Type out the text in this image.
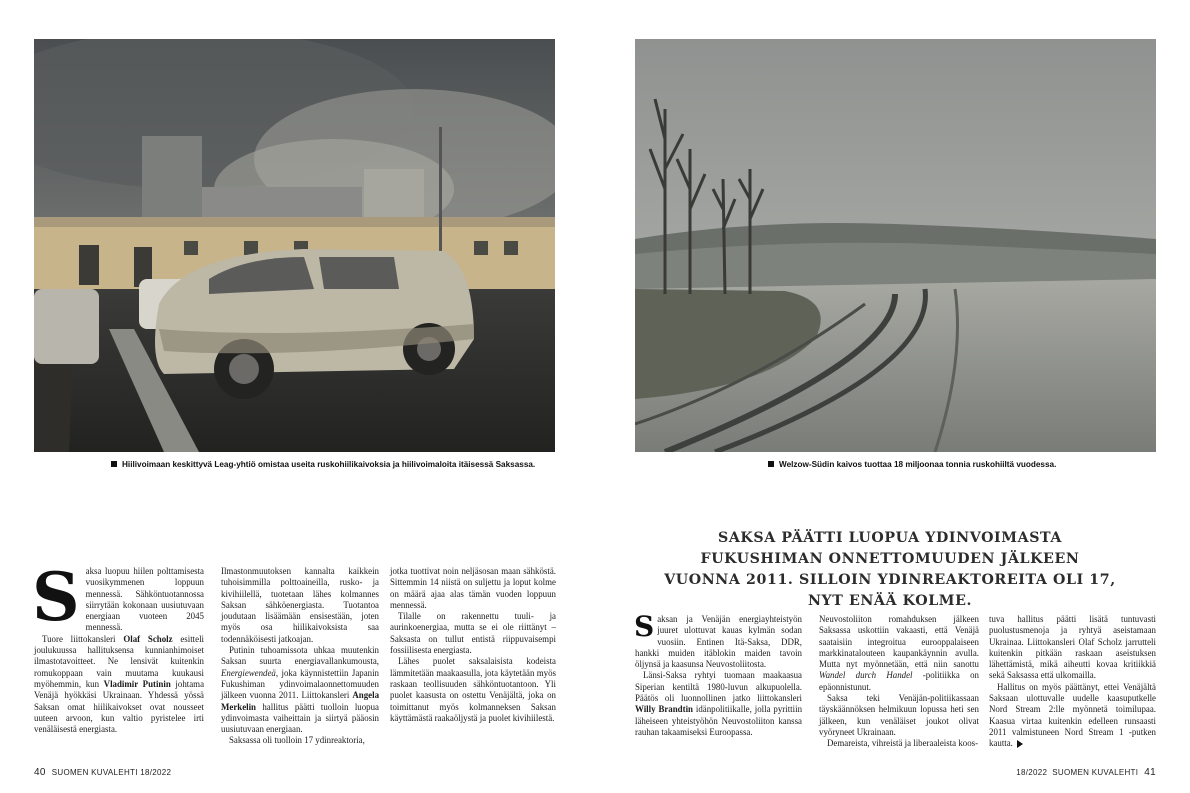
Hiilivoimaan keskittyvä Leag-yhtiö omistaa useita ruskohiilikaivoksia ja hiilivoimaloita itäisessä Saksassa.	Welzow-Südin kaivos tuottaa 18 miljoonaa tonnia ruskohiiltä vuodessa.
SAKSA PÄÄTTI LUOPUA YDINVOIMASTA FUKUSHIMAN ONNETTOMUUDEN JÄLKEEN VUONNA 2011. SILLOIN YDINREAKTOREITA OLI 17, NYT ENÄÄ KOLME.

Saksa luopuu hiilen polttamisesta vuosikymmenen loppuun mennessä. Sähköntuotannossa siirrytään kokonaan uusiutuvaan energiaan vuoteen 2045 mennessä.

Tuore liittokansleri Olaf Scholz esitteli joulukuussa hallituksensa kunnianhimoiset ilmastotavoitteet. Ne lensivät kuitenkin romukoppaan vain muutama kuukausi myöhemmin, kun Vladimir Putinin johtama Venäjä hyökkäsi Ukrainaan. Yhdessä yössä Saksan omat hiilikaivokset ovat nousseet uuteen arvoon, kun valtio pyristelee irti venäläisestä energiasta.

Ilmastonmuutoksen kannalta kaikkein tuhoisimmilla polttoaineilla, rusko- ja kivihiilellä, tuotetaan lähes kolmannes Saksan sähköenergiasta. Tuotantoa joudutaan lisäämään ensisestään, joten myös osa hiilikaivoksista saa todennäköisesti jatkoajan.

Putinin tuhoamissota uhkaa muutenkin Saksan suurta energiavallankumousta, Energiewendeä, joka käynnistettiin Japanin Fukushiman ydinvoimalaonnettomuuden jälkeen vuonna 2011. Liittokansleri Angela Merkelin hallitus päätti tuolloin luopua ydinvoimasta vaiheittain ja siirtyä pääosin uusiutuvaan energiaan.

Saksassa oli tuolloin 17 ydinreaktoria,

jotka tuottivat noin neljäsosan maan sähköstä. Sittemmin 14 niistä on suljettu ja loput kolme on määrä ajaa alas tämän vuoden loppuun mennessä.

Tilalle on rakennettu tuuli- ja aurinkoenergiaa, mutta se ei ole riittänyt – Saksasta on tullut entistä riippuvaisempi fossiilisesta energiasta.

Lähes puolet saksalaisista kodeista lämmitetään maakaasulla, jota käytetään myös raskaan teollisuuden sähköntuotantoon. Yli puolet kaasusta on ostettu Venäjältä, joka on toimittanut myös kolmanneksen Saksan käyttämästä raakaöljystä ja puolet kivihiilestä.

Saksan ja Venäjän energiayhteistyön juuret ulottuvat kauas kylmän sodan vuosiin. Entinen Itä-Saksa, DDR, hankki muiden itäblokin maiden tavoin öljynsä ja kaasunsa Neuvostoliitosta.

Länsi-Saksa ryhtyi tuomaan maakaasua Siperian kentiltä 1980-luvun alkupuolella. Päätös oli luonnollinen jatko liittokansleri Willy Brandtin idänpolitiikalle, jolla pyrittiin läheiseen yhteistyöhön Neuvostoliiton kanssa rauhan takaamiseksi Euroopassa.

Neuvostoliiton romahduksen jälkeen Saksassa uskottiin vakaasti, että Venäjä saataisiin integroitua eurooppalaiseen markkinatalouteen kaupankäynnin avulla. Mutta nyt myönnetään, että niin sanottu Wandel durch Handel -politiikka on epäonnistunut.

Saksa teki Venäjän-politiikassaan täyskäännöksen helmikuun lopussa heti sen jälkeen, kun venäläiset joukot olivat vyöryneet Ukrainaan.

Demareista, vihreistä ja liberaaleista koos-

tuva hallitus päätti lisätä tuntuvasti puolustusmenoja ja ryhtyä aseistamaan Ukrainaa. Liittokansleri Olaf Scholz jarrutteli kuitenkin pitkään raskaan aseistuksen lähettämistä, mikä aiheutti kovaa kritiikkiä sekä Saksassa että ulkomailla.

Hallitus on myös päättänyt, ettei Venäjältä Saksaan ulottuvalle uudelle kaasuputkelle Nord Stream 2:lle myönnetä toimilupaa. Kaasua virtaa kuitenkin edelleen runsaasti 2011 valmistuneen Nord Stream 1 -putken kautta.

40 SUOMEN KUVALEHTI 18/2022	18/2022  SUOMEN KUVALEHTI 41
